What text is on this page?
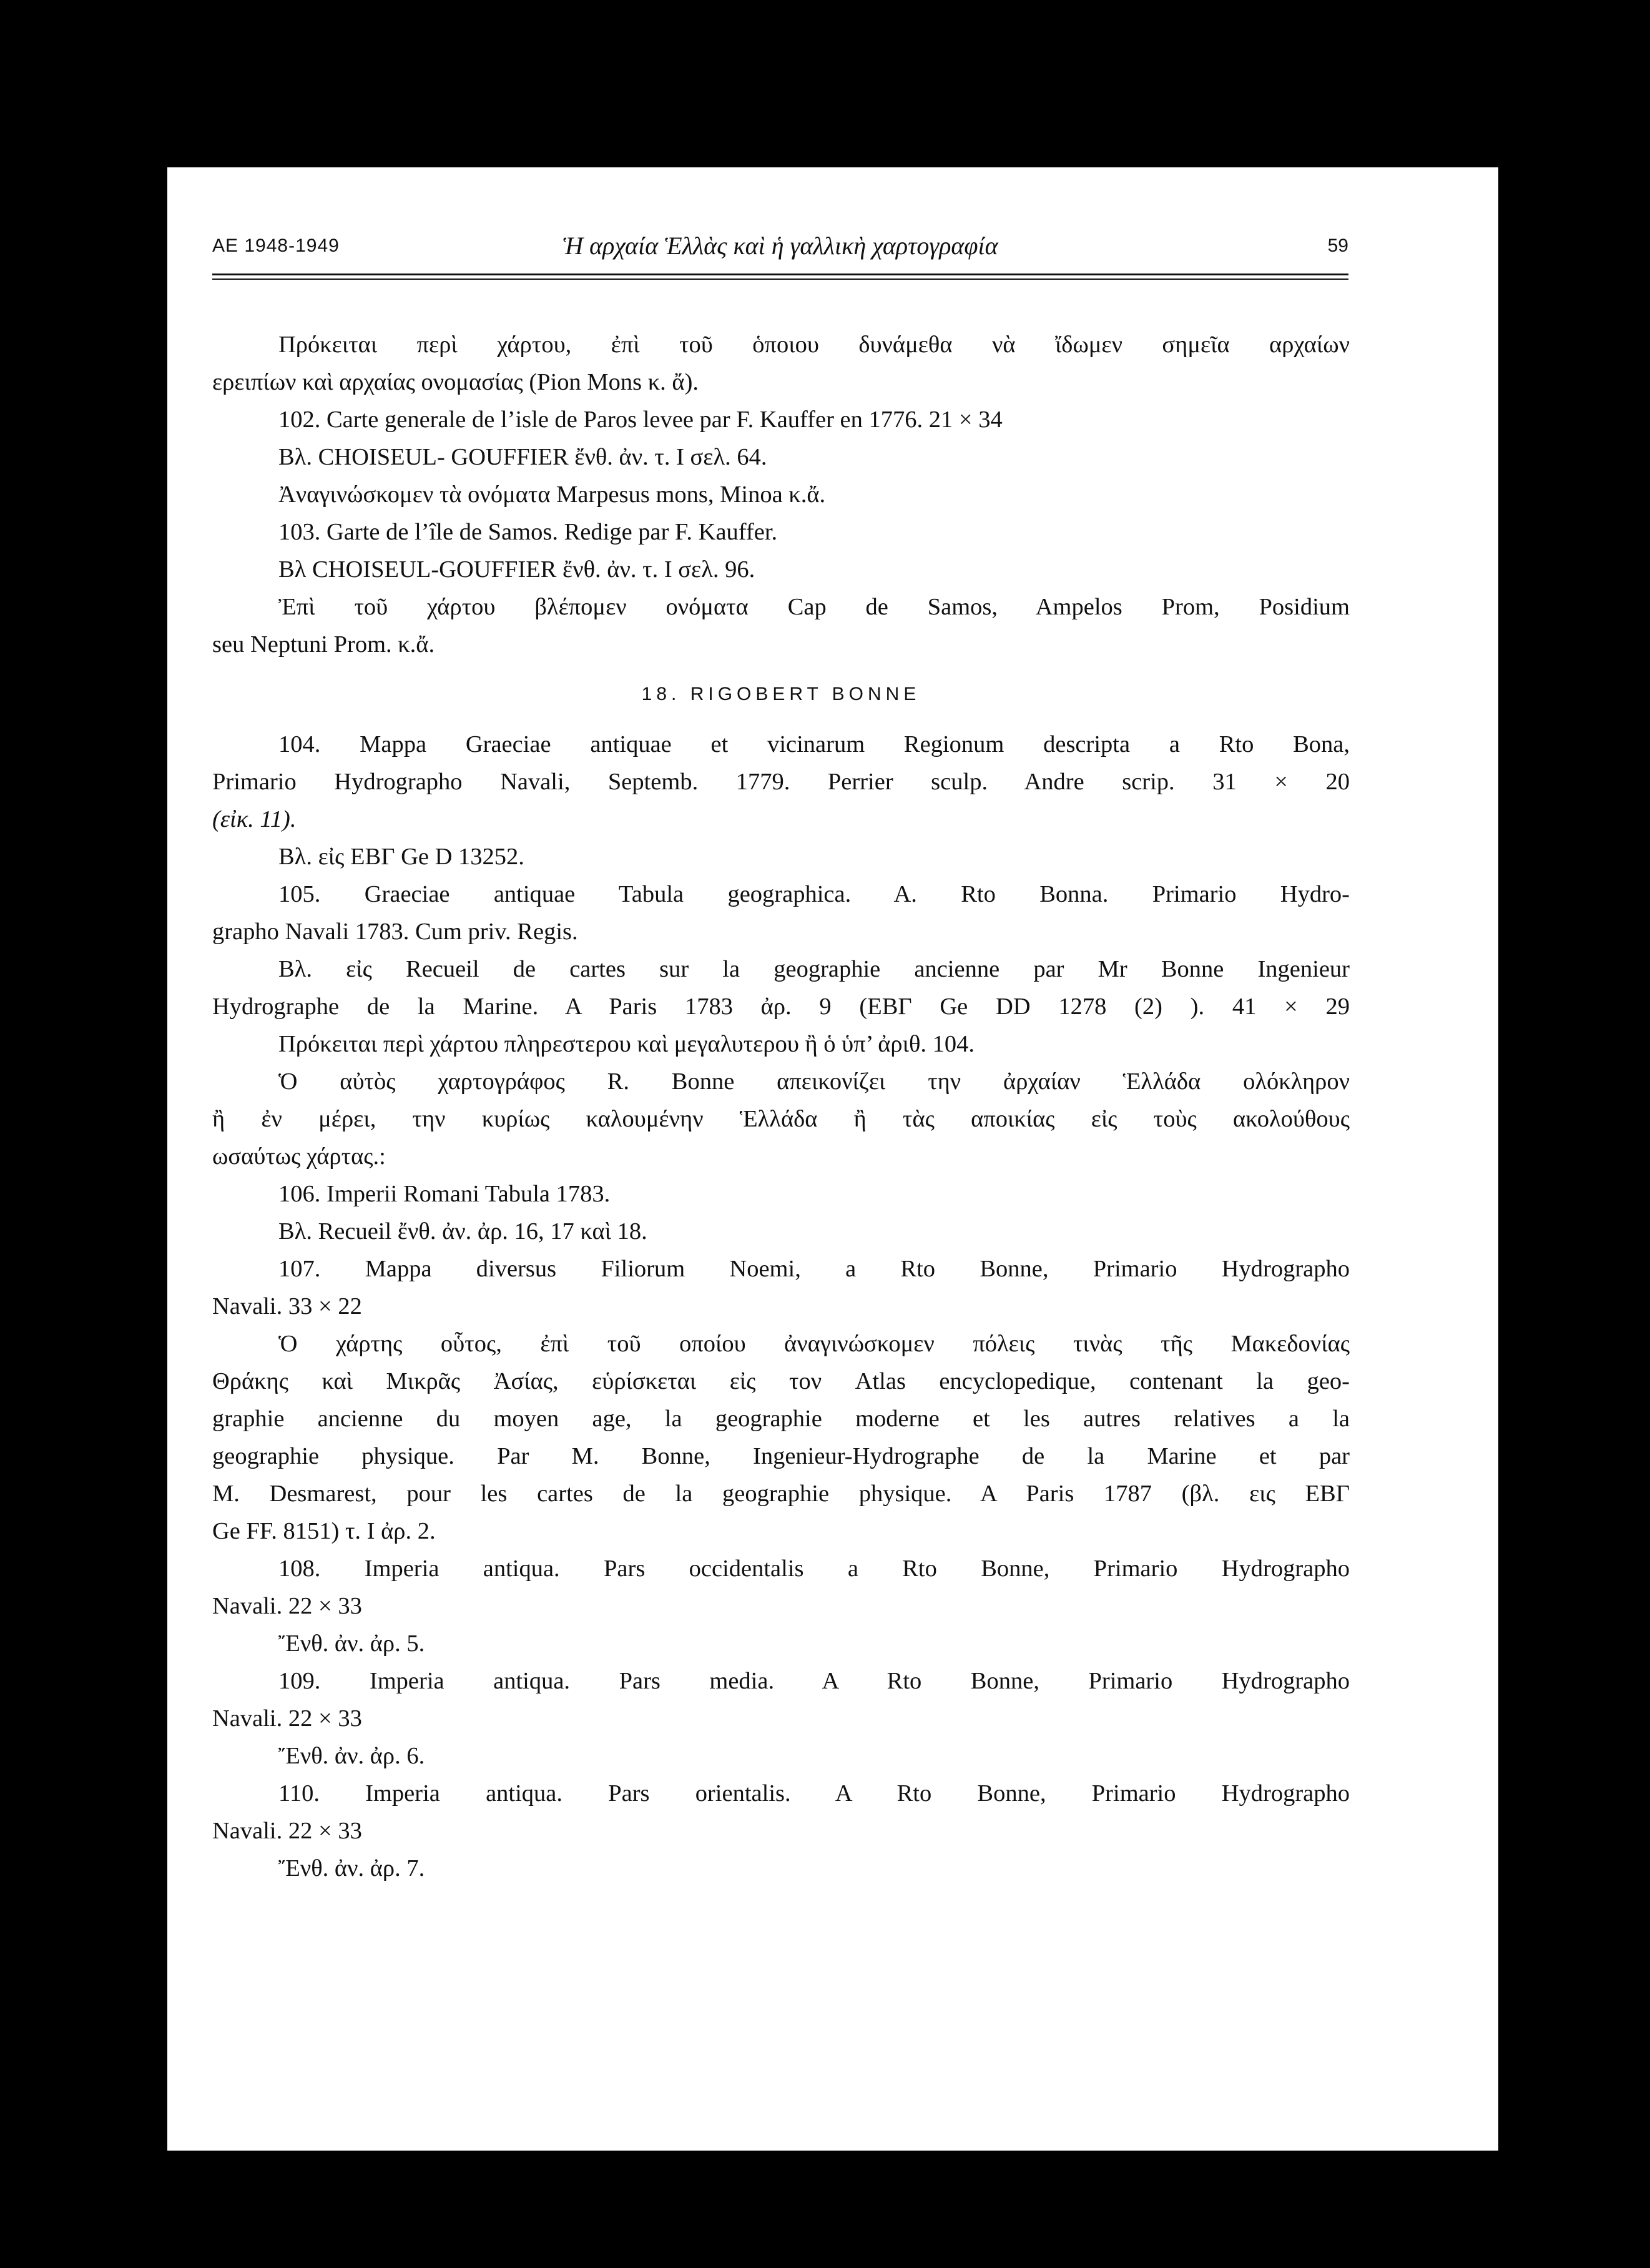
AE 1948-1949	Ἡ αρχαία Ἑλλὰς καὶ ἡ γαλλικὴ χαρτογραφία	59
Πρόκειται περὶ χάρτου, ἐπὶ τοῦ ὁποιου δυνάμεθα νὰ ἴδωμεν σημεῖα αρχαίων
ερειπίων καὶ αρχαίας ονομασίας (Pion Mons κ. ἄ).
102. Carte generale de l’isle de Paros levee par F. Kauffer en 1776. 21 × 34
Βλ. CHOISEUL- GOUFFIER ἔνθ. ἀν. τ. Ι σελ. 64.
Ἀναγινώσκομεν τὰ ονόματα Marpesus mons, Minoa κ.ἄ.
103. Garte de l’île de Samos. Redige par F. Kauffer.
Βλ CHOISEUL-GOUFFIER ἔνθ. ἀν. τ. Ι σελ. 96.
Ἐπὶ τοῦ χάρτου βλέπομεν ονόματα Cap de Samos, Ampelos Prom, Posidium
seu Neptuni Prom. κ.ἄ.
18. RIGOBERT BONNE
104. Mappa Graeciae antiquae et vicinarum Regionum descripta a Rto Bona,
Primario Hydrographo Navali, Septemb. 1779. Perrier sculp. Andre scrip. 31 × 20
(εἰκ. 11).
Βλ. εἰς ΕΒΓ Ge D 13252.
105. Graeciae antiquae Tabula geographica. A. Rto Bonna. Primario Hydro-
grapho Navali 1783. Cum priv. Regis.
Βλ. εἰς Recueil de cartes sur la geographie ancienne par Mr Bonne Ingenieur
Hydrographe de la Marine. A Paris 1783 ἀρ. 9 (ΕΒΓ Ge DD 1278 (2) ). 41 × 29
Πρόκειται περὶ χάρτου πληρεστερου καὶ μεγαλυτερου ἢ ὁ ὑπ’ ἀριθ. 104.
Ὁ αὐτὸς χαρτογράφος R. Bonne απεικονίζει την ἀρχαίαν Ἑλλάδα ολόκληρον
ἢ ἐν μέρει, την κυρίως καλουμένην Ἑλλάδα ἢ τὰς αποικίας εἰς τοὺς ακολούθους
ωσαύτως χάρτας.:
106. Imperii Romani Tabula 1783.
Βλ. Recueil ἔνθ. ἀν. ἀρ. 16, 17 καὶ 18.
107. Mappa diversus Filiorum Noemi, a Rto Bonne, Primario Hydrographo
Navali. 33 × 22
Ὁ χάρτης οὗτος, ἐπὶ τοῦ οποίου ἀναγινώσκομεν πόλεις τινὰς τῆς Μακεδονίας
Θράκης καὶ Μικρᾶς Ἀσίας, εὑρίσκεται εἰς τον Atlas encyclopedique, contenant la geo-
graphie ancienne du moyen age, la geographie moderne et les autres relatives a la
geographie physique. Par M. Bonne, Ingenieur-Hydrographe de la Marine et par
M. Desmarest, pour les cartes de la geographie physique. A Paris 1787 (βλ. εις ΕΒΓ
Ge FF. 8151) τ. Ι ἀρ. 2.
108. Imperia antiqua. Pars occidentalis a Rto Bonne, Primario Hydrographo
Navali. 22 × 33
Ἔνθ. ἀν. ἀρ. 5.
109. Imperia antiqua. Pars media. A Rto Bonne, Primario Hydrographo
Navali. 22 × 33
Ἔνθ. ἀν. ἀρ. 6.
110. Imperia antiqua. Pars orientalis. A Rto Bonne, Primario Hydrographo
Navali. 22 × 33
Ἔνθ. ἀν. ἀρ. 7.
